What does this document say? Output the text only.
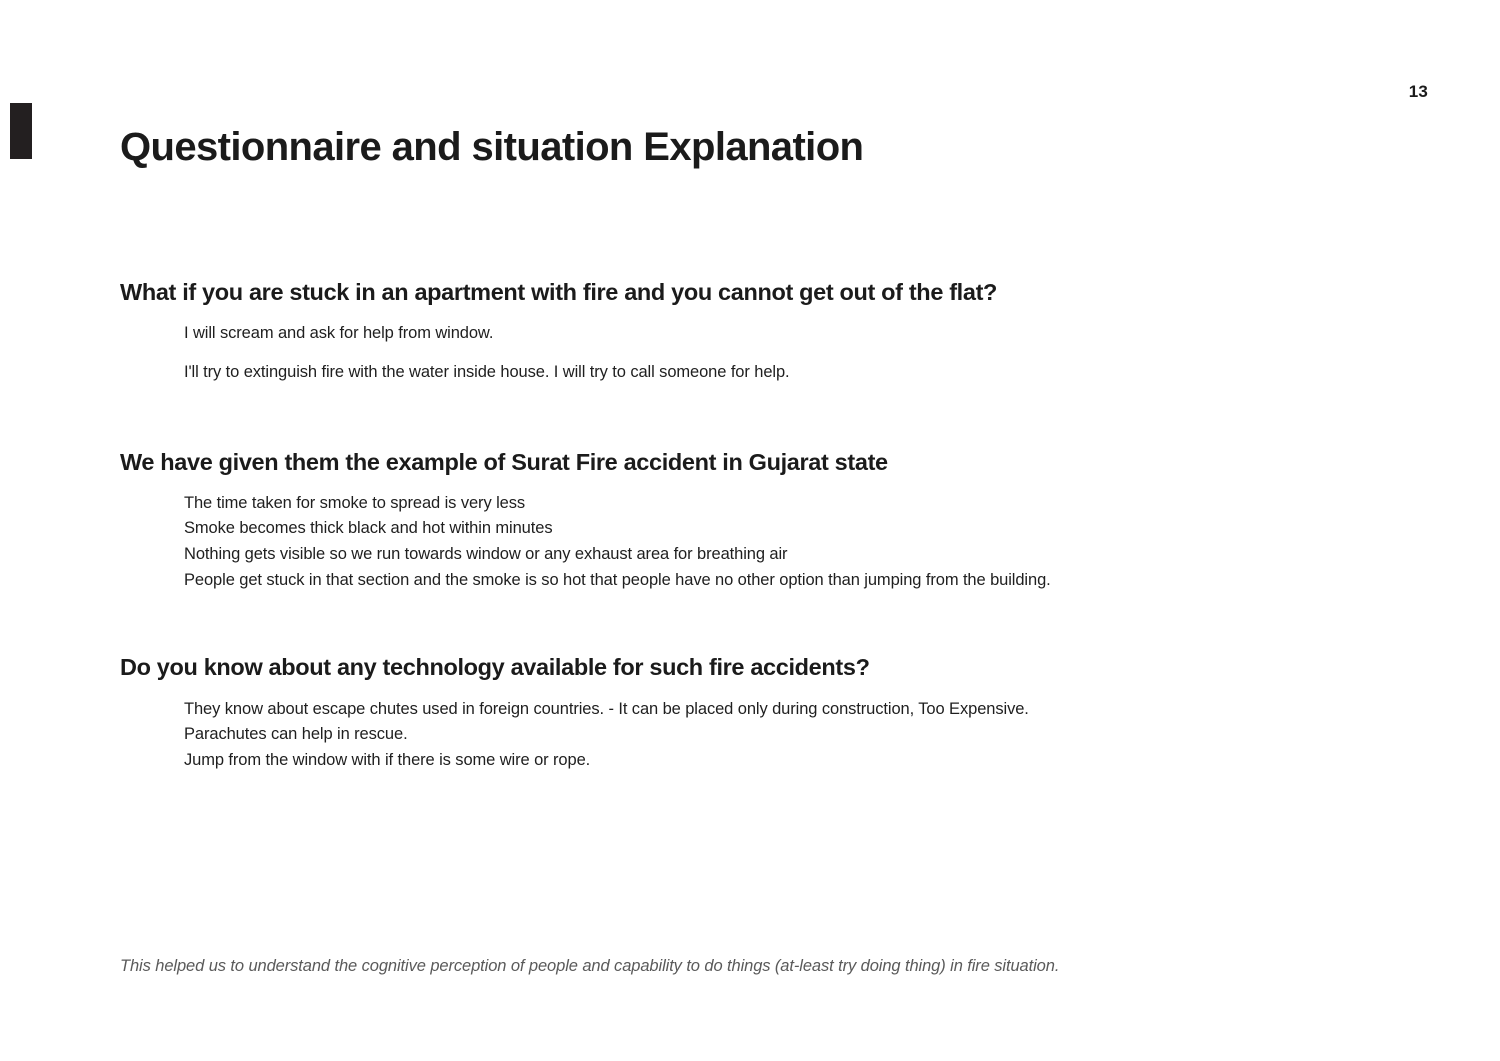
13
Questionnaire and situation Explanation
What if you are stuck in an apartment with fire and you cannot get out of the flat?
I will scream and ask for help from window.
I'll try to extinguish fire with the water inside house. I will try to call someone for help.
We have given them the example of Surat Fire accident in Gujarat state
The time taken for smoke to spread is very less
Smoke becomes thick black and hot within minutes
Nothing gets visible so we run towards window or any exhaust area for breathing air
People get stuck in that section and the smoke is so hot that people have no other option than jumping from the building.
Do you know about any technology available for such fire accidents?
They know about escape chutes used in foreign countries. - It can be placed only during construction, Too Expensive.
Parachutes can help in rescue.
Jump from the window with if there is some wire or rope.

This helped us to understand the cognitive perception of people and capability to do things (at-least try doing thing) in fire situation.
